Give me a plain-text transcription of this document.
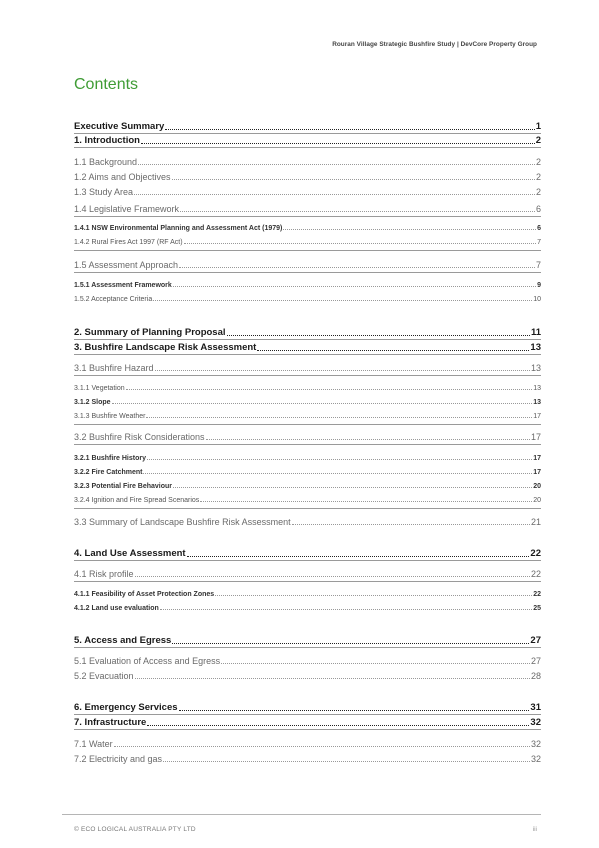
Rouran Village Strategic Bushfire Study | DevCore Property Group
Contents
Executive Summary	1
1. Introduction	2
1.1 Background	2
1.2 Aims and Objectives	2
1.3 Study Area	2
1.4 Legislative Framework	6
1.4.1 NSW Environmental Planning and Assessment Act (1979)	6
1.4.2 Rural Fires Act 1997 (RF Act)	7
1.5 Assessment Approach	7
1.5.1 Assessment Framework	9
1.5.2 Acceptance Criteria	10
2. Summary of Planning Proposal	11
3. Bushfire Landscape Risk Assessment	13
3.1 Bushfire Hazard	13
3.1.1 Vegetation	13
3.1.2 Slope	13
3.1.3 Bushfire Weather	17
3.2 Bushfire Risk Considerations	17
3.2.1 Bushfire History	17
3.2.2 Fire Catchment	17
3.2.3 Potential Fire Behaviour	20
3.2.4 Ignition and Fire Spread Scenarios	20
3.3 Summary of Landscape Bushfire Risk Assessment	21
4. Land Use Assessment	22
4.1 Risk profile	22
4.1.1 Feasibility of Asset Protection Zones	22
4.1.2 Land use evaluation	25
5. Access and Egress	27
5.1 Evaluation of Access and Egress	27
5.2 Evacuation	28
6. Emergency Services	31
7. Infrastructure	32
7.1 Water	32
7.2 Electricity and gas	32
© ECO LOGICAL AUSTRALIA PTY LTD	iii
